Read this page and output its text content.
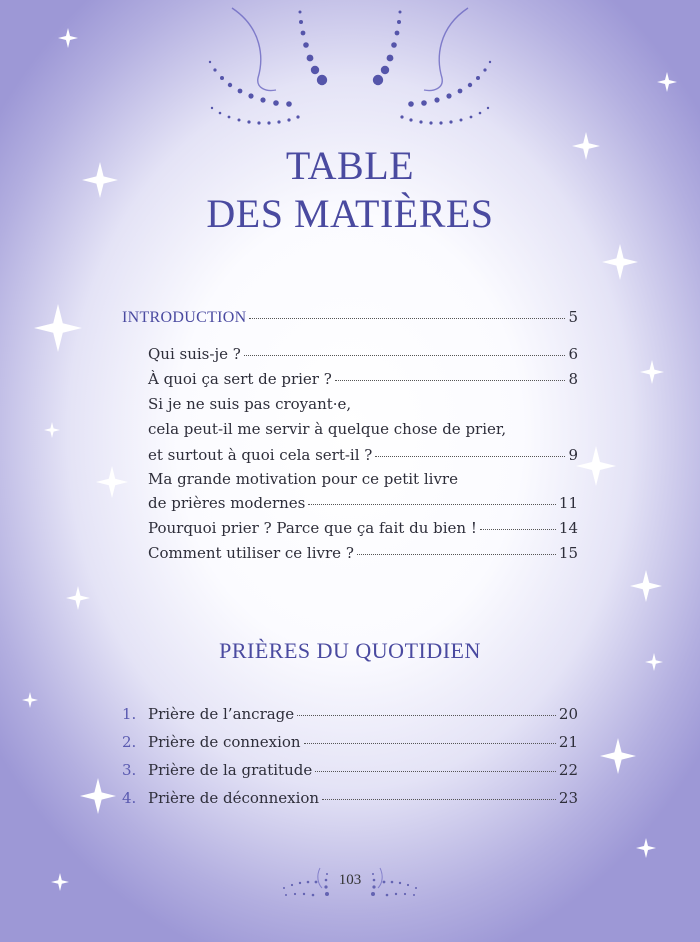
TABLE
DES MATIÈRES
INTRODUCTION	5
Qui suis-je ?	6
À quoi ça sert de prier ?	8
Si je ne suis pas croyant·e,
cela peut-il me servir à quelque chose de prier,
et surtout à quoi cela sert-il ?	9
Ma grande motivation pour ce petit livre
de prières modernes	11
Pourquoi prier ? Parce que ça fait du bien !	14
Comment utiliser ce livre ?	15
PRIÈRES DU QUOTIDIEN
1. Prière de l’ancrage	20
2. Prière de connexion	21
3. Prière de la gratitude	22
4. Prière de déconnexion	23
103
